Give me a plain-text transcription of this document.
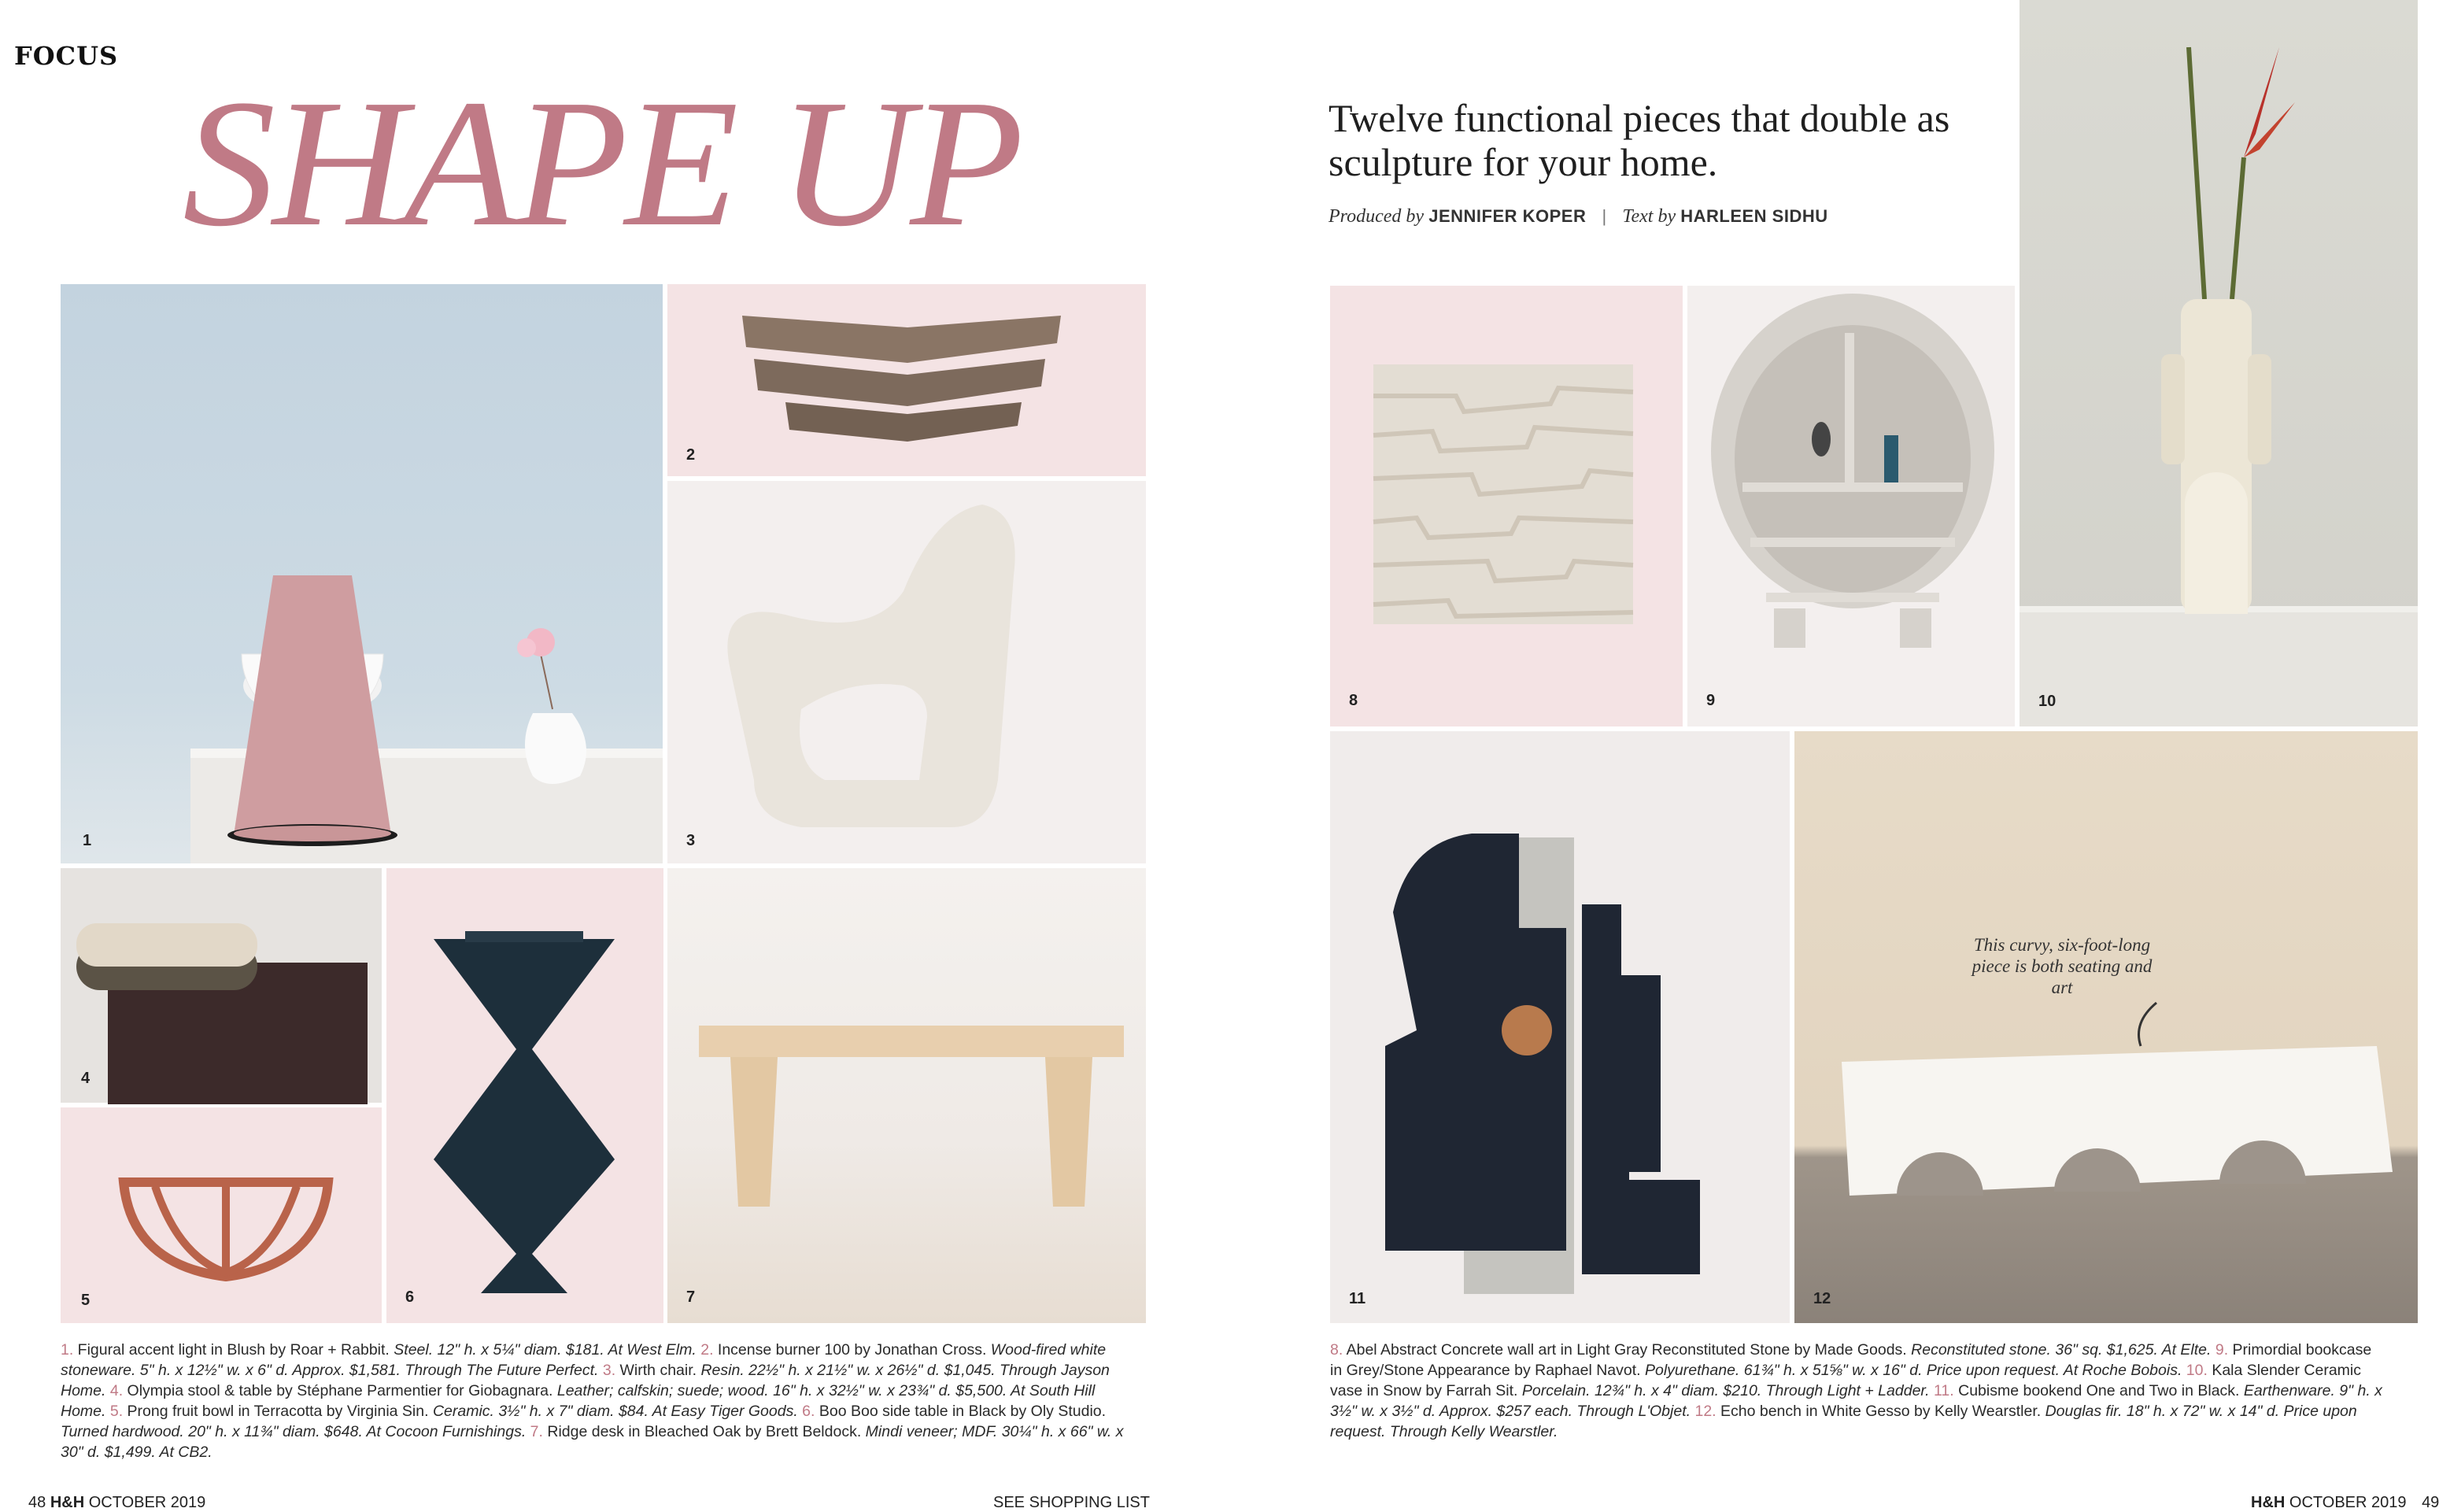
FOCUS
SHAPE UP	Twelve functional pieces that double as sculpture for your home.
Produced by JENNIFER KOPER | Text by HARLEEN SIDHU
1
2
3
4
5	6	7
8	9	10
11	12
This curvy, six-foot-long piece is both seating and art
1. Figural accent light in Blush by Roar + Rabbit. Steel. 12" h. x 5¼" diam. $181. At West Elm. 2. Incense burner 100 by Jonathan Cross. Wood-fired white stoneware. 5" h. x 12½" w. x 6" d. Approx. $1,581. Through The Future Perfect. 3. Wirth chair. Resin. 22½" h. x 21½" w. x 26½" d. $1,045. Through Jayson Home. 4. Olympia stool & table by Stéphane Parmentier for Giobagnara. Leather; calfskin; suede; wood. 16" h. x 32½" w. x 23¾" d. $5,500. At South Hill Home. 5. Prong fruit bowl in Terracotta by Virginia Sin. Ceramic. 3½" h. x 7" diam. $84. At Easy Tiger Goods. 6. Boo Boo side table in Black by Oly Studio. Turned hardwood. 20" h. x 11¾" diam. $648. At Cocoon Furnishings. 7. Ridge desk in Bleached Oak by Brett Beldock. Mindi veneer; MDF. 30¼" h. x 66" w. x 30" d. $1,499. At CB2.
8. Abel Abstract Concrete wall art in Light Gray Reconstituted Stone by Made Goods. Reconstituted stone. 36" sq. $1,625. At Elte. 9. Primordial bookcase in Grey/Stone Appearance by Raphael Navot. Polyurethane. 61¾" h. x 51⅝" w. x 16" d. Price upon request. At Roche Bobois. 10. Kala Slender Ceramic vase in Snow by Farrah Sit. Porcelain. 12¾" h. x 4" diam. $210. Through Light + Ladder. 11. Cubisme bookend One and Two in Black. Earthenware. 9" h. x 3½" w. x 3½" d. Approx. $257 each. Through L'Objet. 12. Echo bench in White Gesso by Kelly Wearstler. Douglas fir. 18" h. x 72" w. x 14" d. Price upon request. Through Kelly Wearstler.
48 H&H OCTOBER 2019	SEE SHOPPING LIST	H&H OCTOBER 2019 49
